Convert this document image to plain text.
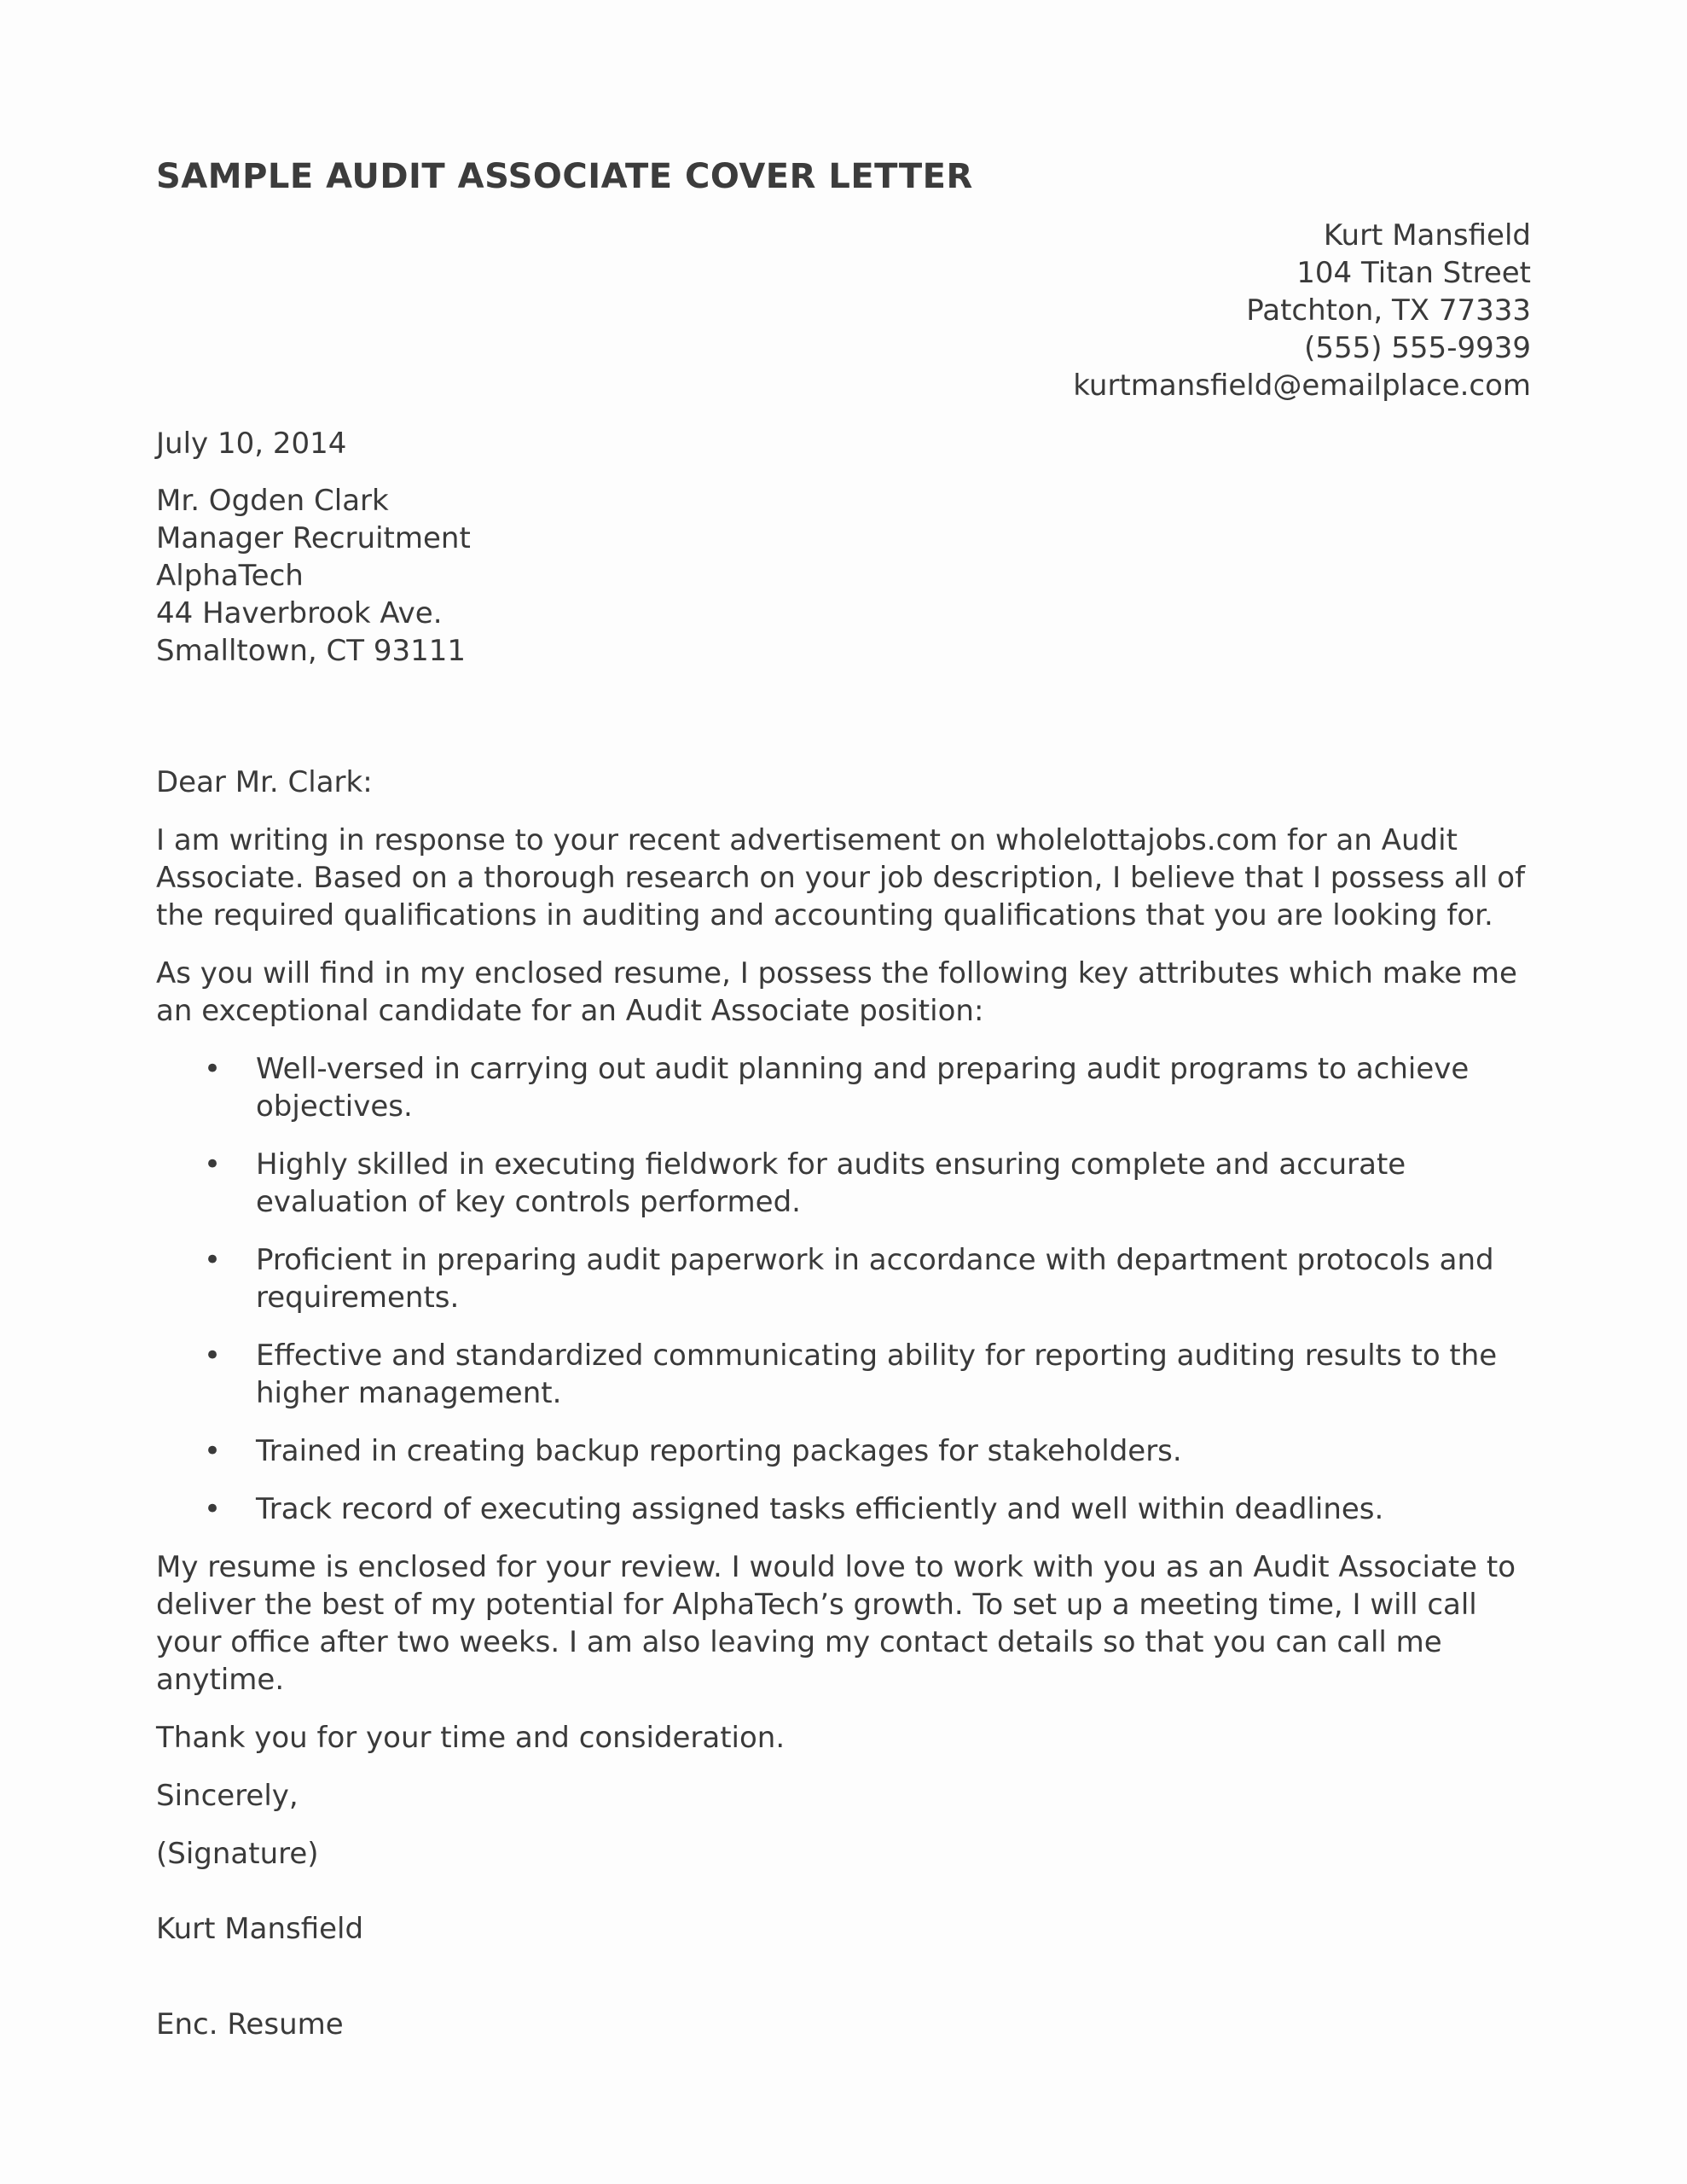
SAMPLE AUDIT ASSOCIATE COVER LETTER
Kurt Mansfield
104 Titan Street
Patchton, TX 77333
(555) 555-9939
kurtmansfield@emailplace.com
July 10, 2014
Mr. Ogden Clark
Manager Recruitment
AlphaTech
44 Haverbrook Ave.
Smalltown, CT 93111
Dear Mr. Clark:

I am writing in response to your recent advertisement on wholelottajobs.com for an Audit Associate. Based on a thorough research on your job description, I believe that I possess all of the required qualifications in auditing and accounting qualifications that you are looking for.

As you will find in my enclosed resume, I possess the following key attributes which make me an exceptional candidate for an Audit Associate position:

• Well-versed in carrying out audit planning and preparing audit programs to achieve objectives.
• Highly skilled in executing fieldwork for audits ensuring complete and accurate evaluation of key controls performed.
• Proficient in preparing audit paperwork in accordance with department protocols and requirements.
• Effective and standardized communicating ability for reporting auditing results to the higher management.
• Trained in creating backup reporting packages for stakeholders.
• Track record of executing assigned tasks efficiently and well within deadlines.

My resume is enclosed for your review. I would love to work with you as an Audit Associate to deliver the best of my potential for AlphaTech’s growth. To set up a meeting time, I will call your office after two weeks. I am also leaving my contact details so that you can call me anytime.

Thank you for your time and consideration.

Sincerely,
(Signature)
Kurt Mansfield
Enc. Resume
